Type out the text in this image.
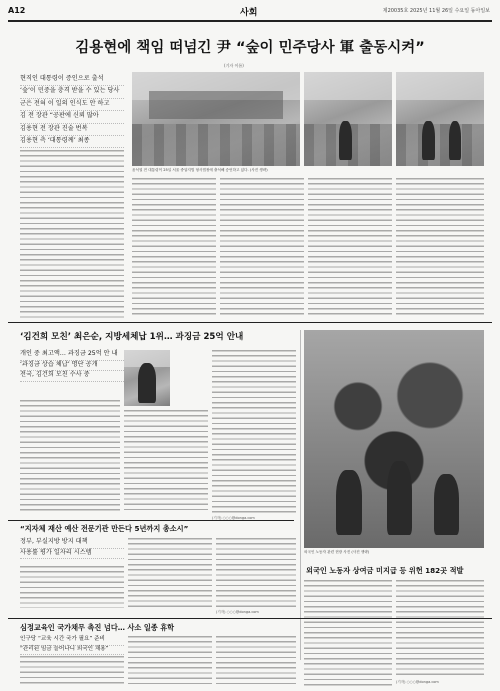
A12	사회	제20035호 2025년 11월 26일 수요일 동아일보
김용현에 책임 떠넘긴 尹 “숲이 민주당사 軍 출동시켜”
(기자 이름)

현직인 대통령이 증인으로 출석

‘숲’이 민중을 충격 받을 수 있는 당사

군은 전혀 이 일의 인식도 안 하고

김 전 장관 “공판에 신뢰 많아

김용현 전 장관 진술 번복

김용현 측 ‘대통령께’ 최종

윤석열 전 대통령이 25일 서울 중앙지법 형사법정에 출석해 증언하고 있다. (사진 생략)
‘김건희 모친’ 최은순, 지방세체납 1위… 과징금 25억 안내

개인 중 최고액… 과징금 25억 안 내

‘과징금 상습 체납’ 명단 공개

전국, 김건희 모친 수사 중

(기자) ○○○@donga.com
외국인 노동자 관련 현장 사진 (사진 생략)
외국인 노동자 상여금 미지급 등 위헌 182곳 적발
“지자체 재산 예산 전문기관 만든다 5년까지 총소시”

정부, 부실지방 방지 대책

사용률 평가 일자리 시스템

(기자) ○○○@donga.com
심정교육인 국가채무 촉진 넘다… 사소 일종 휴학

인구당 “교육 시간 국가 필요” 준비

“관리된 임금 늘어나니 외국인 채용”

(기자) ○○○@donga.com
